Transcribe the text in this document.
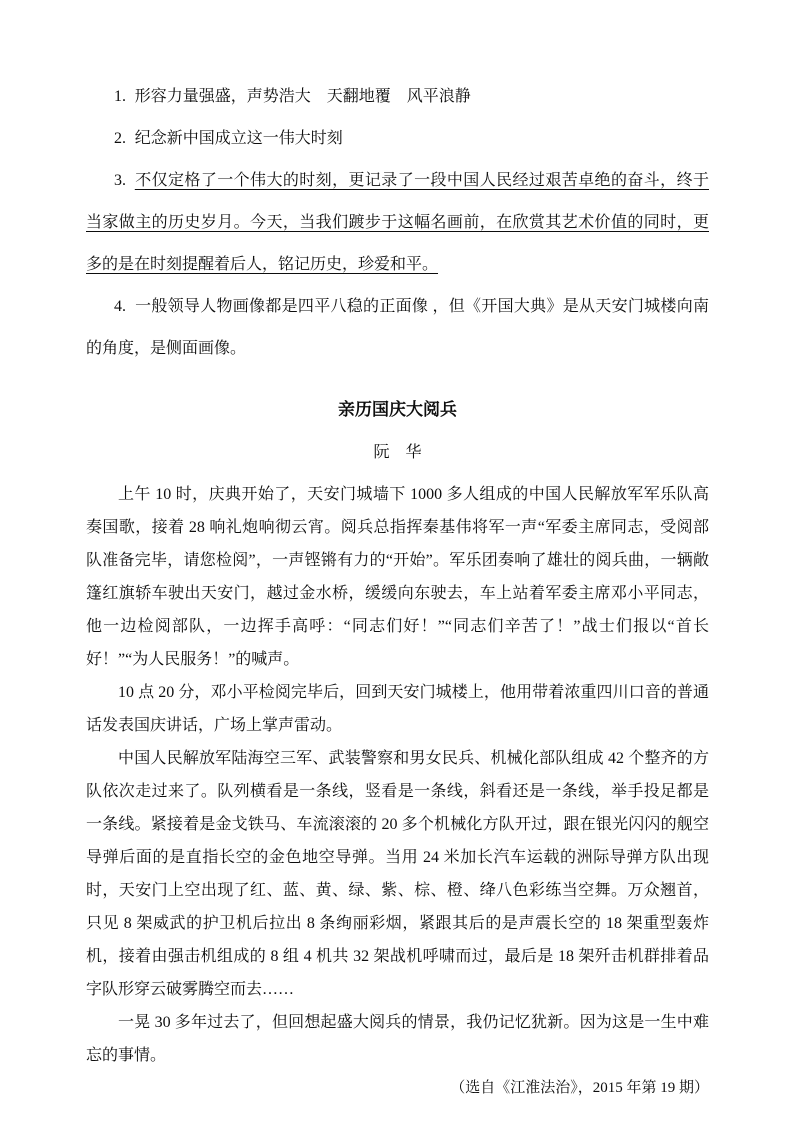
1. 形容力量强盛，声势浩大　天翻地覆　风平浪静

2. 纪念新中国成立这一伟大时刻

3. 不仅定格了一个伟大的时刻，更记录了一段中国人民经过艰苦卓绝的奋斗，终于当家做主的历史岁月。今天，当我们踱步于这幅名画前，在欣赏其艺术价值的同时，更多的是在时刻提醒着后人，铭记历史，珍爱和平。

4. 一般领导人物画像都是四平八稳的正面像 ，但《开国大典》是从天安门城楼向南的角度，是侧面画像。

亲历国庆大阅兵
阮　华

上午 10 时，庆典开始了，天安门城墙下 1000 多人组成的中国人民解放军军乐队高奏国歌，接着 28 响礼炮响彻云宵。阅兵总指挥秦基伟将军一声“军委主席同志，受阅部队准备完毕，请您检阅”，一声铿锵有力的“开始”。军乐团奏响了雄壮的阅兵曲，一辆敞篷红旗轿车驶出天安门，越过金水桥，缓缓向东驶去，车上站着军委主席邓小平同志，他一边检阅部队，一边挥手高呼：“同志们好！”“同志们辛苦了！”战士们报以“首长好！”“为人民服务！”的喊声。

10 点 20 分，邓小平检阅完毕后，回到天安门城楼上，他用带着浓重四川口音的普通话发表国庆讲话，广场上掌声雷动。

中国人民解放军陆海空三军、武装警察和男女民兵、机械化部队组成 42 个整齐的方队依次走过来了。队列横看是一条线，竖看是一条线，斜看还是一条线，举手投足都是一条线。紧接着是金戈铁马、车流滚滚的 20 多个机械化方队开过，跟在银光闪闪的舰空导弹后面的是直指长空的金色地空导弹。当用 24 米加长汽车运载的洲际导弹方队出现时，天安门上空出现了红、蓝、黄、绿、紫、棕、橙、绛八色彩练当空舞。万众翘首，只见 8 架威武的护卫机后拉出 8 条绚丽彩烟，紧跟其后的是声震长空的 18 架重型轰炸机，接着由强击机组成的 8 组 4 机共 32 架战机呼啸而过，最后是 18 架歼击机群排着品字队形穿云破雾腾空而去……

一晃 30 多年过去了，但回想起盛大阅兵的情景，我仍记忆犹新。因为这是一生中难忘的事情。

（选自《江淮法治》，2015 年第 19 期）
